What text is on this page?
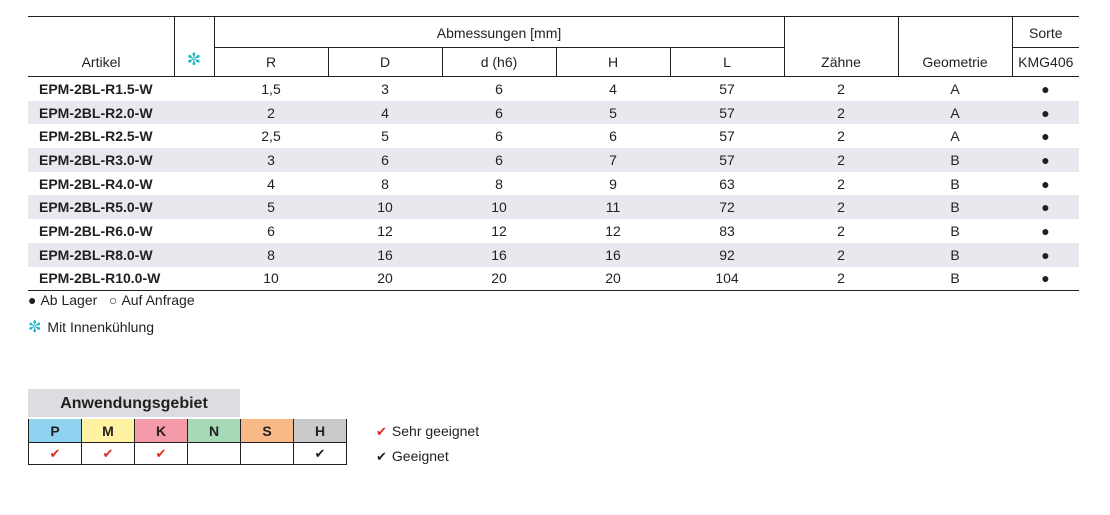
Artikel	✼	Abmessungen [mm]					Zähne	Geometrie	Sorte
		R	D	d (h6)	H	L			KMG406
EPM-2BL-R1.5-W		1,5	3	6	4	57	2	A	●
EPM-2BL-R2.0-W		2	4	6	5	57	2	A	●
EPM-2BL-R2.5-W		2,5	5	6	6	57	2	A	●
EPM-2BL-R3.0-W		3	6	6	7	57	2	B	●
EPM-2BL-R4.0-W		4	8	8	9	63	2	B	●
EPM-2BL-R5.0-W		5	10	10	11	72	2	B	●
EPM-2BL-R6.0-W		6	12	12	12	83	2	B	●
EPM-2BL-R8.0-W		8	16	16	16	92	2	B	●
EPM-2BL-R10.0-W		10	20	20	20	104	2	B	●
● Ab Lager ○ Auf Anfrage
✼ Mit Innenkühlung
Anwendungsgebiet
P	M	K	N	S	H
✔	✔	✔			✔
✔ Sehr geeignet
✔ Geeignet
